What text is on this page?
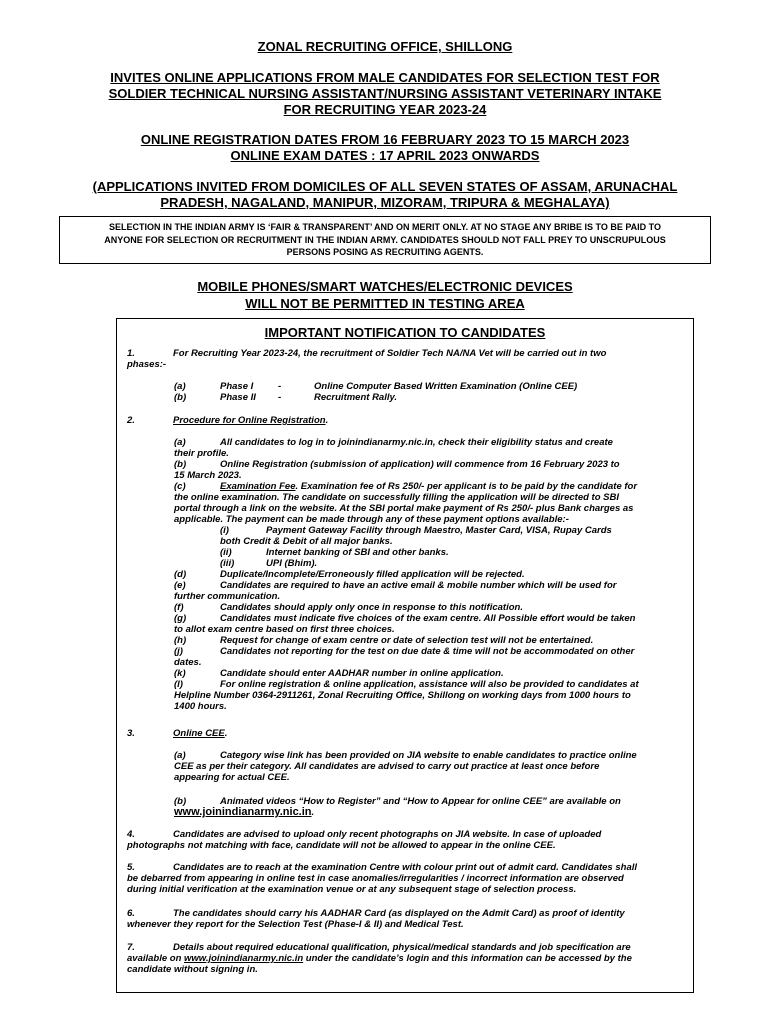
ZONAL RECRUITING OFFICE, SHILLONG
INVITES ONLINE APPLICATIONS FROM MALE CANDIDATES FOR SELECTION TEST FOR
SOLDIER TECHNICAL NURSING ASSISTANT/NURSING ASSISTANT VETERINARY INTAKE
FOR RECRUITING YEAR 2023-24
ONLINE REGISTRATION DATES FROM 16 FEBRUARY 2023 TO 15 MARCH 2023
ONLINE EXAM DATES : 17 APRIL 2023 ONWARDS
(APPLICATIONS INVITED FROM DOMICILES OF ALL SEVEN STATES OF ASSAM, ARUNACHAL
PRADESH, NAGALAND, MANIPUR, MIZORAM, TRIPURA & MEGHALAYA)
SELECTION IN THE INDIAN ARMY IS ‘FAIR & TRANSPARENT’ AND ON MERIT ONLY. AT NO STAGE ANY BRIBE IS TO BE PAID TO
ANYONE FOR SELECTION OR RECRUITMENT IN THE INDIAN ARMY. CANDIDATES SHOULD NOT FALL PREY TO UNSCRUPULOUS
PERSONS POSING AS RECRUITING AGENTS.
MOBILE PHONES/SMART WATCHES/ELECTRONIC DEVICES
WILL NOT BE PERMITTED IN TESTING AREA
IMPORTANT NOTIFICATION TO CANDIDATES
1.	For Recruiting Year 2023-24, the recruitment of Soldier Tech NA/NA Vet will be carried out in two
phases:-
(a)	Phase I	-	Online Computer Based Written Examination (Online CEE)
(b)	Phase II -	Recruitment Rally.
2.	Procedure for Online Registration.
(a)	All candidates to log in to joinindianarmy.nic.in, check their eligibility status and create
their profile.
(b)	Online Registration (submission of application) will commence from 16 February 2023 to
15 March 2023.
(c)	Examination Fee. Examination fee of Rs 250/- per applicant is to be paid by the candidate for
the online examination. The candidate on successfully filling the application will be directed to SBI
portal through a link on the website. At the SBI portal make payment of Rs 250/- plus Bank charges as
applicable. The payment can be made through any of these payment options available:-
(i)	Payment Gateway Facility through Maestro, Master Card, VISA, Rupay Cards
both Credit & Debit of all major banks.
(ii)	Internet banking of SBI and other banks.
(iii)	UPI (Bhim).
(d)	Duplicate/Incomplete/Erroneously filled application will be rejected.
(e)	Candidates are required to have an active email & mobile number which will be used for
further communication.
(f)	Candidates should apply only once in response to this notification.
(g)	Candidates must indicate five choices of the exam centre. All Possible effort would be taken
to allot exam centre based on first three choices.
(h)	Request for change of exam centre or date of selection test will not be entertained.
(j)	Candidates not reporting for the test on due date & time will not be accommodated on other
dates.
(k)	Candidate should enter AADHAR number in online application.
(l)	For online registration & online application, assistance will also be provided to candidates at
Helpline Number 0364-2911261, Zonal Recruiting Office, Shillong on working days from 1000 hours to
1400 hours.
3.	Online CEE.
(a)	Category wise link has been provided on JIA website to enable candidates to practice online
CEE as per their category. All candidates are advised to carry out practice at least once before
appearing for actual CEE.
(b)	Animated videos “How to Register” and “How to Appear for online CEE” are available on
www.joinindianarmy.nic.in.
4.	Candidates are advised to upload only recent photographs on JIA website. In case of uploaded
photographs not matching with face, candidate will not be allowed to appear in the online CEE.
5.	Candidates are to reach at the examination Centre with colour print out of admit card. Candidates shall
be debarred from appearing in online test in case anomalies/irregularities / incorrect information are observed
during initial verification at the examination venue or at any subsequent stage of selection process.
6.	The candidates should carry his AADHAR Card (as displayed on the Admit Card) as proof of identity
whenever they report for the Selection Test (Phase-I & II) and Medical Test.
7.	Details about required educational qualification, physical/medical standards and job specification are
available on www.joinindianarmy.nic.in under the candidate’s login and this information can be accessed by the
candidate without signing in.
